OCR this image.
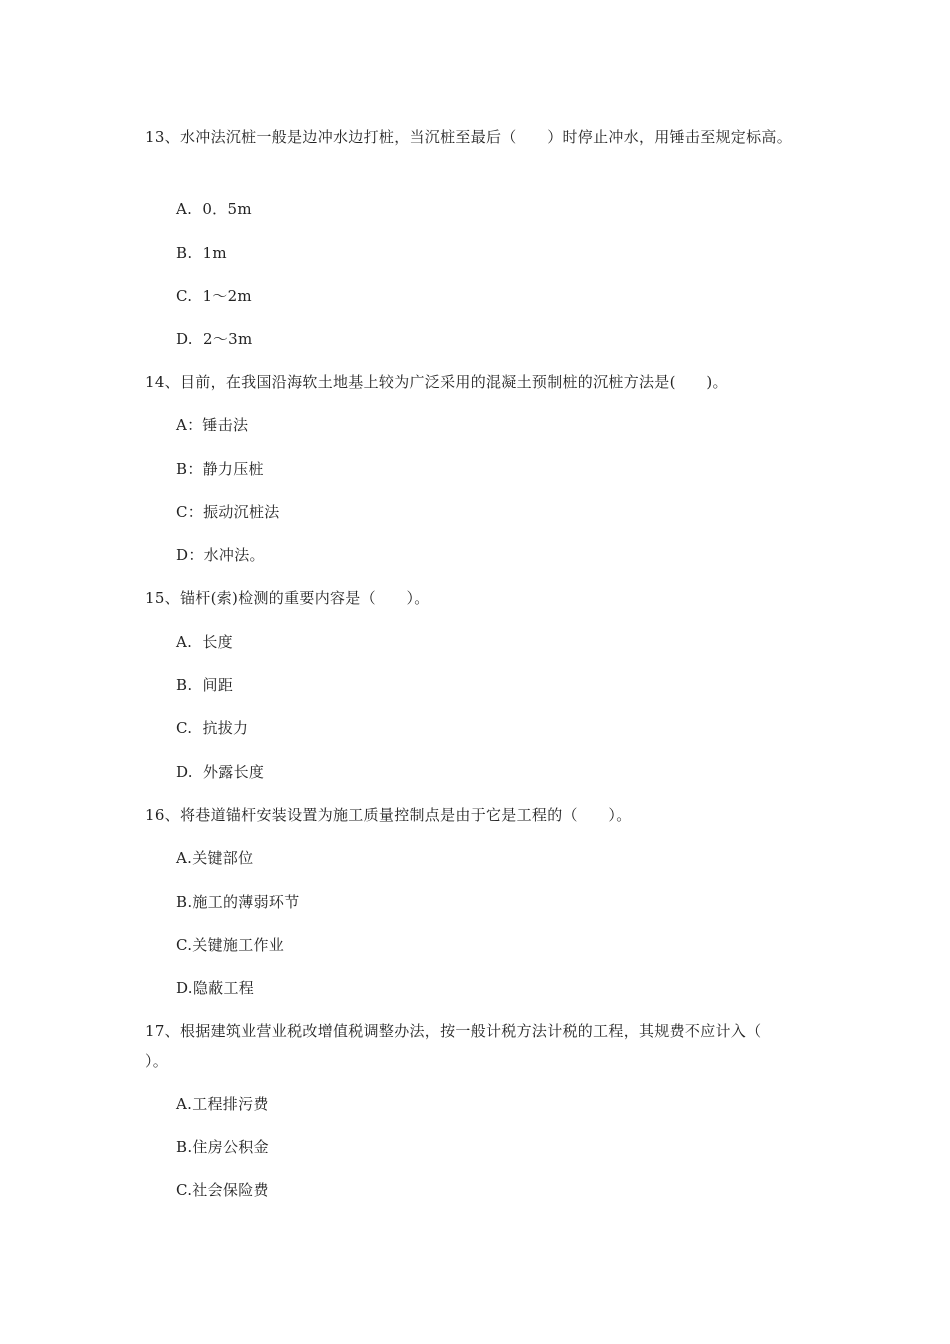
13、水冲法沉桩一般是边冲水边打桩，当沉桩至最后（　　）时停止冲水，用锤击至规定标高。
A.  0．5m
B.  1m
C.  1～2m
D.  2～3m
14、目前，在我国沿海软土地基上较为广泛采用的混凝土预制桩的沉桩方法是(　　)。
A：锤击法
B：静力压桩
C：振动沉桩法
D：水冲法。
15、锚杆(索)检测的重要内容是（　　）。
A.  长度
B.  间距
C.  抗拔力
D.  外露长度
16、将巷道锚杆安装设置为施工质量控制点是由于它是工程的（　　）。
A.关键部位
B.施工的薄弱环节
C.关键施工作业
D.隐蔽工程
17、根据建筑业营业税改增值税调整办法，按一般计税方法计税的工程，其规费不应计入（　　）。
A.工程排污费
B.住房公积金
C.社会保险费
